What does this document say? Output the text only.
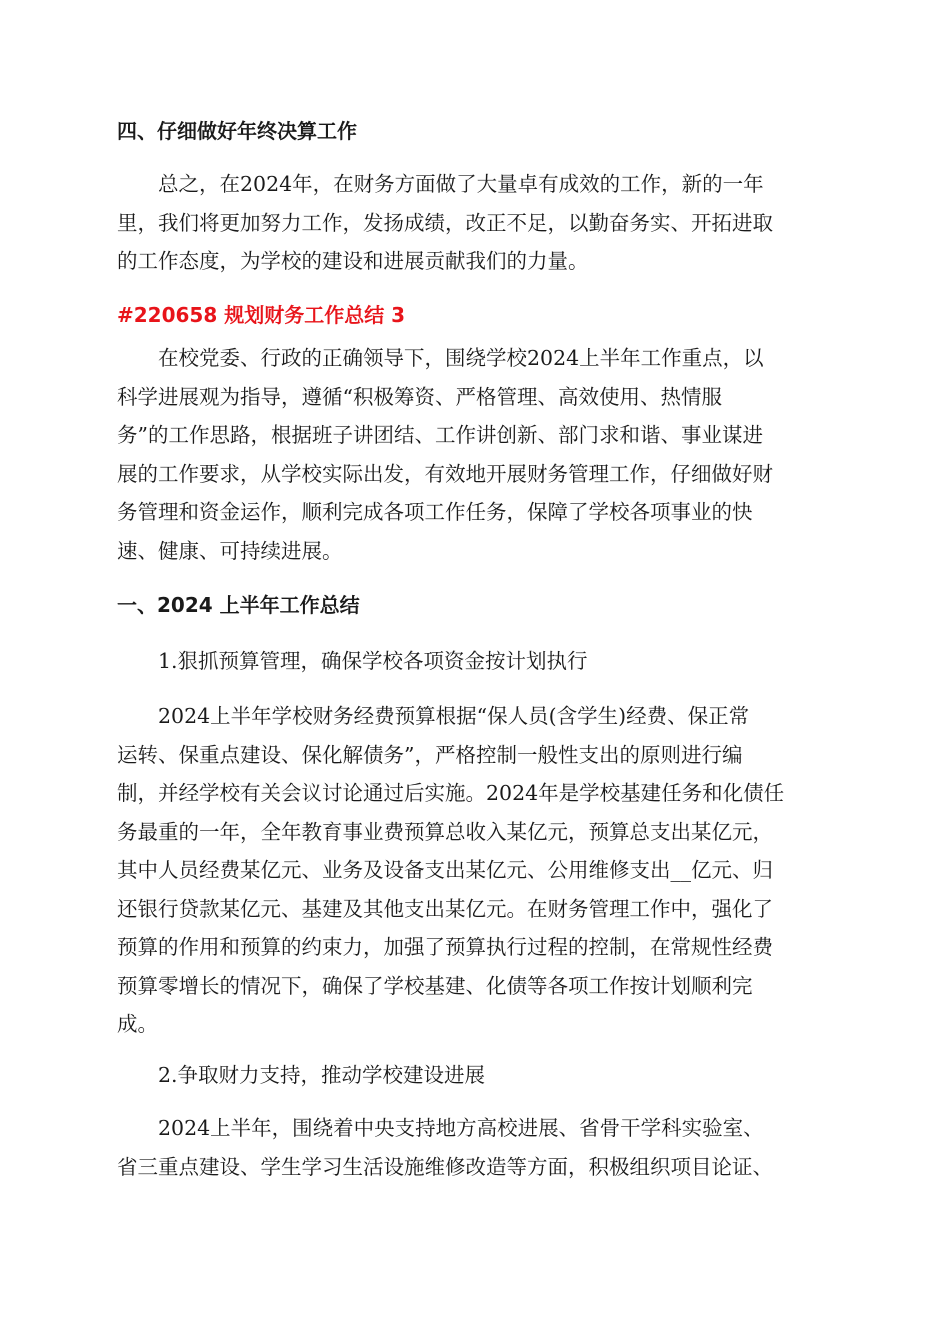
四、仔细做好年终决算工作
总之，在2024年，在财务方面做了大量卓有成效的工作，新的一年
里，我们将更加努力工作，发扬成绩，改正不足，以勤奋务实、开拓进取
的工作态度，为学校的建设和进展贡献我们的力量。
#220658 规划财务工作总结 3
在校党委、行政的正确领导下，围绕学校2024上半年工作重点，以
科学进展观为指导，遵循“积极筹资、严格管理、高效使用、热情服
务”的工作思路，根据班子讲团结、工作讲创新、部门求和谐、事业谋进
展的工作要求，从学校实际出发，有效地开展财务管理工作，仔细做好财
务管理和资金运作，顺利完成各项工作任务，保障了学校各项事业的快
速、健康、可持续进展。
一、2024 上半年工作总结

1.狠抓预算管理，确保学校各项资金按计划执行

2024上半年学校财务经费预算根据“保人员(含学生)经费、保正常
运转、保重点建设、保化解债务”，严格控制一般性支出的原则进行编
制，并经学校有关会议讨论通过后实施。2024年是学校基建任务和化债任
务最重的一年，全年教育事业费预算总收入某亿元，预算总支出某亿元，
其中人员经费某亿元、业务及设备支出某亿元、公用维修支出__亿元、归
还银行贷款某亿元、基建及其他支出某亿元。在财务管理工作中，强化了
预算的作用和预算的约束力，加强了预算执行过程的控制，在常规性经费
预算零增长的情况下，确保了学校基建、化债等各项工作按计划顺利完
成。

2.争取财力支持，推动学校建设进展

2024上半年，围绕着中央支持地方高校进展、省骨干学科实验室、
省三重点建设、学生学习生活设施维修改造等方面，积极组织项目论证、
